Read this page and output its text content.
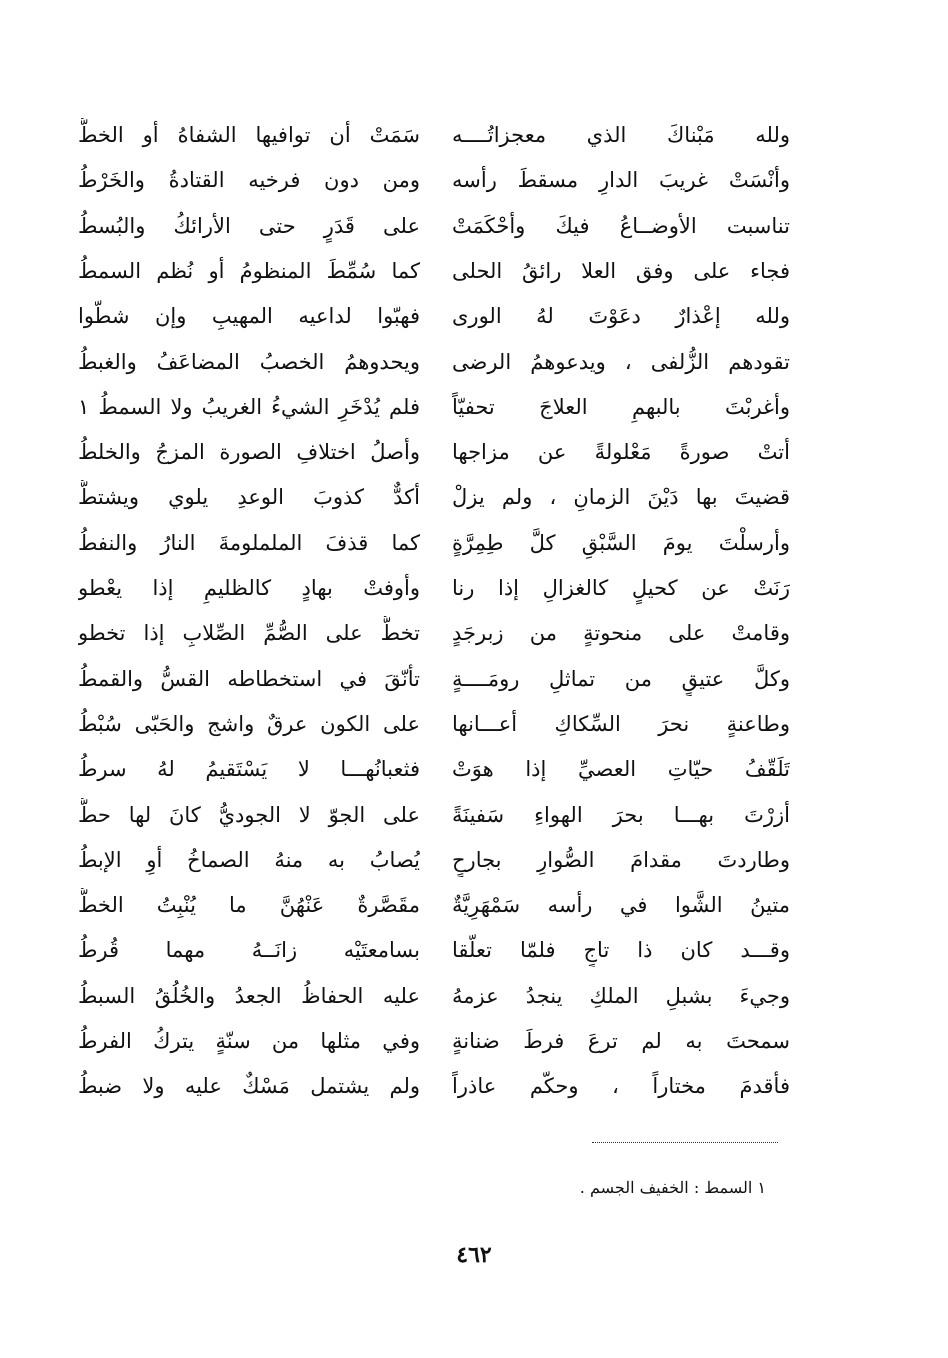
ولله مَبْناكَ الذي معجزاتُــــه
سَمَتْ أن توافيها الشفاهُ أو الخطُّ
وأنْسَتْ غريبَ الدارِ مسقطَ رأسه
ومن دون فرخيه القتادةُ والخَرْطُ
تناسبت الأوضــاعُ فيكَ وأحْكَمَتْ
على قَدَرٍ حتى الأرائكُ والبُسطُ
فجاء على وفق العلا رائقُ الحلى
كما سُمِّطَ المنظومُ أو نُظم السمطُ
ولله إعْذارٌ دعَوْتَ لهُ الورى
فهبّوا لداعيه المهيبِ وإن شطّوا
تقودهم الزُّلفى ، ويدعوهمُ الرضى
ويحدوهمُ الخصبُ المضاعَفُ والغبطُ
وأغربْتَ بالبهمِ العلاجَ تحفيّاً
فلم يُدْخَرِ الشيءُ الغريبُ ولا السمطُ ١
أتتْ صورةً مَعْلولةً عن مزاجها
وأصلُ اختلافِ الصورة المزجُ والخلطُ
قضيتَ بها دَيْنَ الزمانِ ، ولم يزلْ
أكدٌّ كذوبَ الوعدِ يلوي ويشتطُّ
وأرسلْتَ يومَ السَّبْقِ كلَّ طِمِرَّةٍ
كما قذفَ الململومةَ النارُ والنفطُ
رَنَتْ عن كحيلٍ كالغزالِ إذا رنا
وأوفتْ بهادٍ كالظليمِ إذا يعْطو
وقامتْ على منحوتةٍ من زبرجَدٍ
تخطُّ على الصُّمِّ الصِّلابِ إذا تخطو
وكلَّ عتيقٍ من تماثلِ رومَــــةٍ
تأنّقَ في استخطاطه القسُّ والقمطُ
وطاعنةٍ نحرَ السِّكاكِ أعـــانها
على الكون عرقٌ واشج والحَبّى سُبْطُ
تَلَقّفُ حيّاتِ العصيِّ إذا هوَتْ
فثعبانُهـــا لا يَسْتَقيمُ لهُ سرطُ
أزرْتَ بهـــا بحرَ الهواءِ سَفينَةً
على الجوّ لا الجوديُّ كانَ لها حطُّ
وطاردتَ مقدامَ الصُّوارِ بجارحٍ
يُصابُ به منهُ الصماخُ أوِ الإبطُ
متينُ الشَّوا في رأسه سَمْهَرِيَّةٌ
مقَصَّرةٌ عَنْهُنَّ ما يُنْبِتُ الخطُّ
وقـــد كان ذا تاجٍ فلمّا تعلّقا
بسامعتَيْه زانَــهُ مهما قُرطُ
وجيءَ بشبلِ الملكِ ينجدُ عزمهُ
عليه الحفاظُ الجعدُ والخُلُقُ السبطُ
سمحتَ به لم ترعَ فرطَ ضنانةٍ
وفي مثلها من سنّةٍ يتركُ الفرطُ
فأقدمَ مختاراً ، وحكّم عاذراً
ولم يشتمل مَسْكٌ عليه ولا ضبطُ
١ السمط : الخفيف الجسم .
٤٦٢
